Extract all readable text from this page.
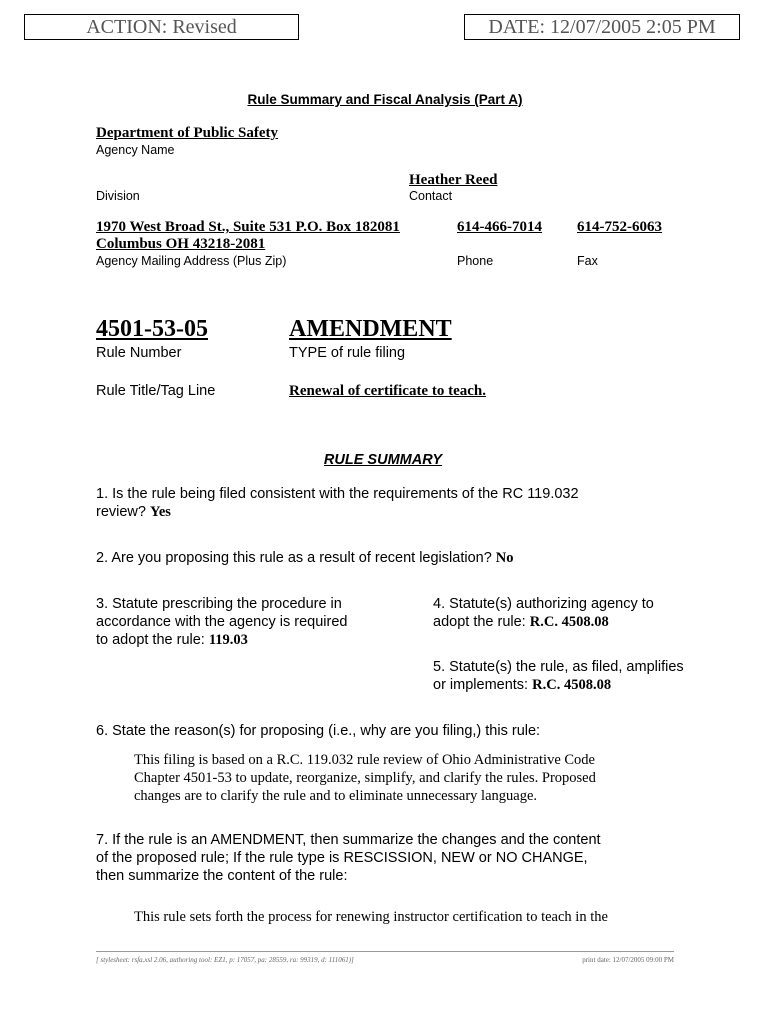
ACTION: Revised	DATE: 12/07/2005 2:05 PM
Rule Summary and Fiscal Analysis (Part A)
Department of Public Safety
Agency Name
Heather Reed
Division	Contact
1970 West Broad St., Suite 531 P.O. Box 182081
Columbus OH 43218-2081
614-466-7014 614-752-6063
Agency Mailing Address (Plus Zip)	Phone	Fax
4501-53-05	AMENDMENT
Rule Number	TYPE of rule filing
Rule Title/Tag Line	Renewal of certificate to teach.
RULE SUMMARY
1. Is the rule being filed consistent with the requirements of the RC 119.032
review? Yes
2. Are you proposing this rule as a result of recent legislation? No
3. Statute prescribing the procedure in
accordance with the agency is required
to adopt the rule: 119.03
4. Statute(s) authorizing agency to
adopt the rule: R.C. 4508.08
5. Statute(s) the rule, as filed, amplifies
or implements: R.C. 4508.08
6. State the reason(s) for proposing (i.e., why are you filing,) this rule:
This filing is based on a R.C. 119.032 rule review of Ohio Administrative Code
Chapter 4501-53 to update, reorganize, simplify, and clarify the rules. Proposed
changes are to clarify the rule and to eliminate unnecessary language.
7. If the rule is an AMENDMENT, then summarize the changes and the content
of the proposed rule; If the rule type is RESCISSION, NEW or NO CHANGE,
then summarize the content of the rule:
This rule sets forth the process for renewing instructor certification to teach in the
[ stylesheet: rsfa.xsl 2.06, authoring tool: EZ1, p: 17057, pa: 28559, ra: 99319, d: 111061)]	print date: 12/07/2005 09:00 PM
